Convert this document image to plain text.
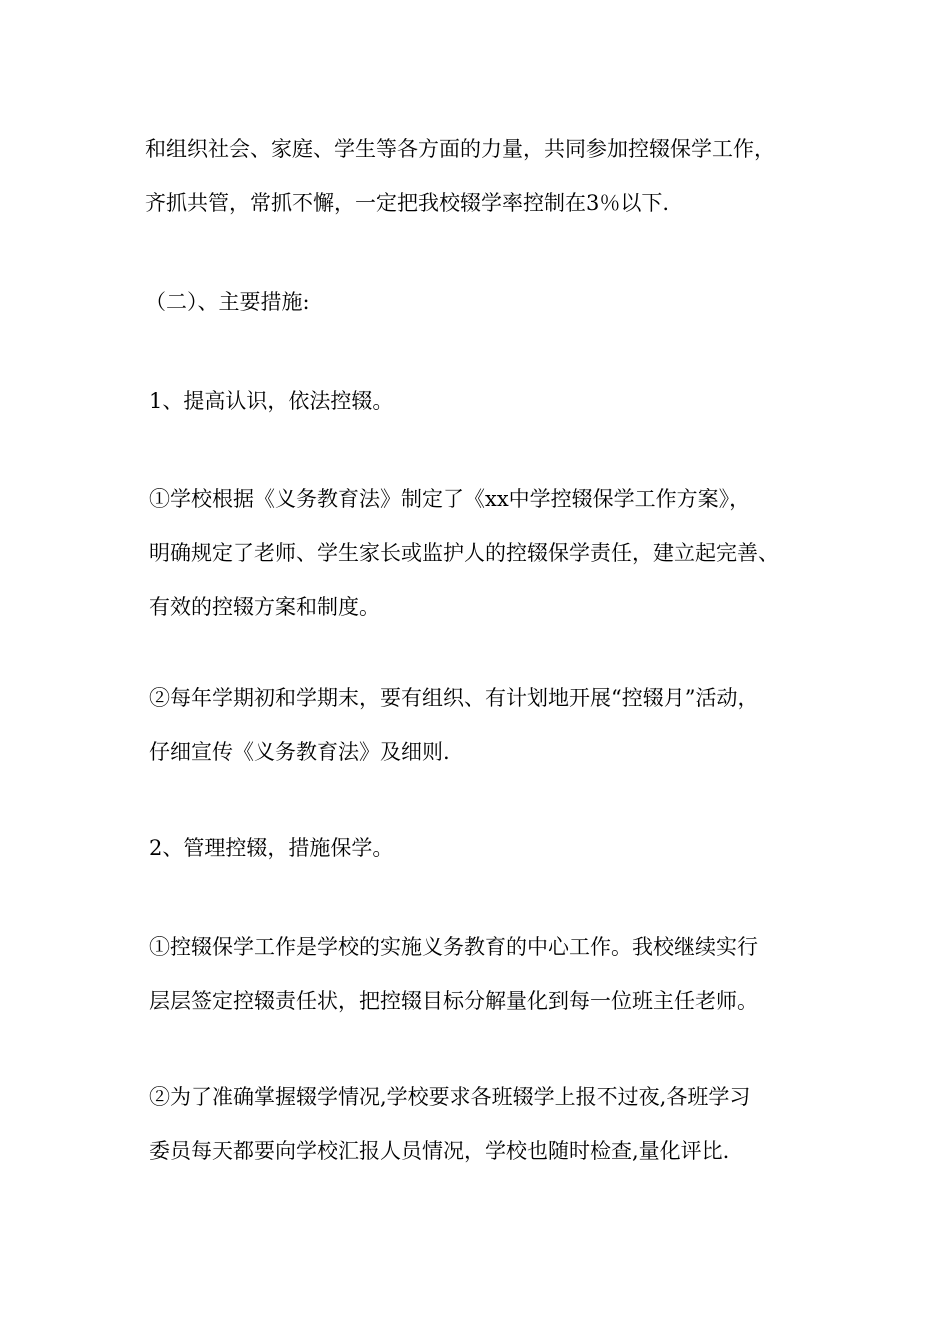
和组织社会、家庭、学生等各方面的力量，共同参加控辍保学工作，
齐抓共管，常抓不懈，一定把我校辍学率控制在3％以下.

（二）、主要措施:

1、提高认识，依法控辍。

①学校根据《义务教育法》制定了《xx中学控辍保学工作方案》，
明确规定了老师、学生家长或监护人的控辍保学责任，建立起完善、
有效的控辍方案和制度。

②每年学期初和学期末，要有组织、有计划地开展“控辍月”活动，
仔细宣传《义务教育法》及细则.

2、管理控辍，措施保学。

①控辍保学工作是学校的实施义务教育的中心工作。我校继续实行
层层签定控辍责任状，把控辍目标分解量化到每一位班主任老师。

②为了准确掌握辍学情况,学校要求各班辍学上报不过夜,各班学习
委员每天都要向学校汇报人员情况，学校也随时检查,量化评比.
